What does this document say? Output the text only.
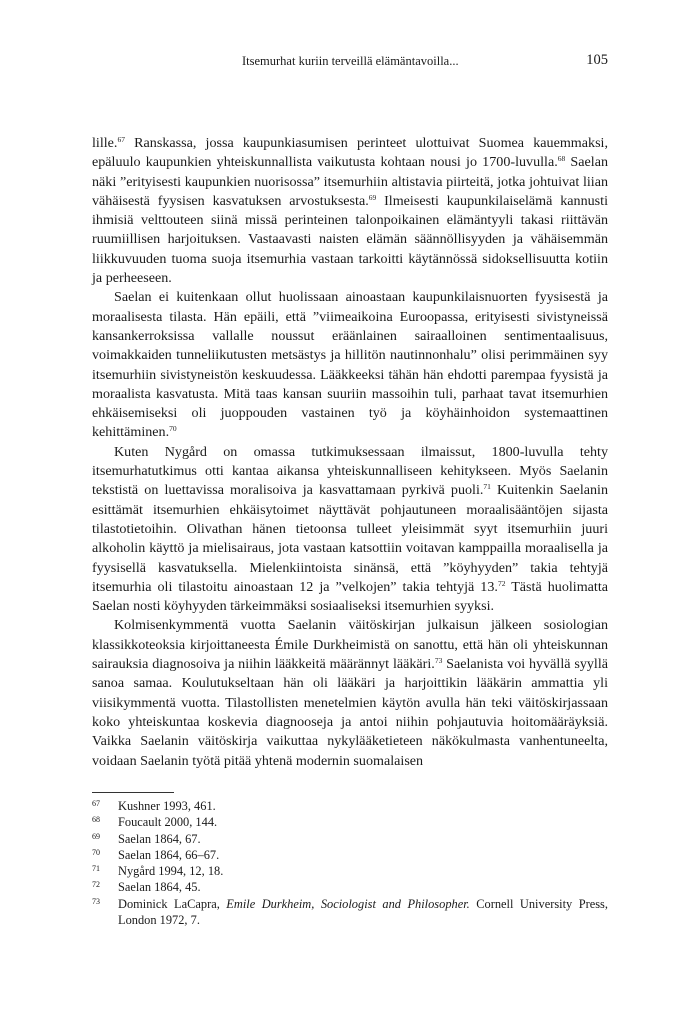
Itsemurhat kuriin terveillä elämäntavoilla...	105

lille.$^{67}$ Ranskassa, jossa kaupunkiasumisen perinteet ulottuivat Suomea kauemmaksi, epäluulo kaupunkien yhteiskunnallista vaikutusta kohtaan nousi jo 1700-luvulla.$^{68}$ Saelan näki ”erityisesti kaupunkien nuorisossa” itsemurhiin altistavia piirteitä, jotka johtuivat liian vähäisestä fyysisen kasvatuksen arvostuksesta.$^{69}$ Ilmeisesti kaupunkilaiselämä kannusti ihmisiä velttouteen siinä missä perinteinen talonpoikainen elämäntyyli takasi riittävän ruumiillisen harjoituksen. Vastaavasti naisten elämän säännöllisyyden ja vähäisemmän liikkuvuuden tuoma suoja itsemurhia vastaan tarkoitti käytännössä sidoksellisuutta kotiin ja perheeseen.

Saelan ei kuitenkaan ollut huolissaan ainoastaan kaupunkilaisnuorten fyysisestä ja moraalisesta tilasta. Hän epäili, että ”viimeaikoina Euroopassa, erityisesti sivistyneissä kansankerroksissa vallalle noussut eräänlainen sairaalloinen sentimentaalisuus, voimakkaiden tunneliikutusten metsästys ja hillitön nautinnonhalu” olisi perimmäinen syy itsemurhiin sivistyneistön keskuudessa. Lääkkeeksi tähän hän ehdotti parempaa fyysistä ja moraalista kasvatusta. Mitä taas kansan suuriin massoihin tuli, parhaat tavat itsemurhien ehkäisemiseksi oli juoppouden vastainen työ ja köyhäinhoidon systemaattinen kehittäminen.$^{70}$

Kuten Nygård on omassa tutkimuksessaan ilmaissut, 1800-luvulla tehty itsemurhatutkimus otti kantaa aikansa yhteiskunnalliseen kehitykseen. Myös Saelanin tekstistä on luettavissa moralisoiva ja kasvattamaan pyrkivä puoli.$^{71}$ Kuitenkin Saelanin esittämät itsemurhien ehkäisytoimet näyttävät pohjautuneen moraalisääntöjen sijasta tilastotietoihin. Olivathan hänen tietoonsa tulleet yleisimmät syyt itsemurhiin juuri alkoholin käyttö ja mielisairaus, jota vastaan katsottiin voitavan kamppailla moraalisella ja fyysisellä kasvatuksella. Mielenkiintoista sinänsä, että ”köyhyyden” takia tehtyjä itsemurhia oli tilastoitu ainoastaan 12 ja ”velkojen” takia tehtyjä 13.72 Tästä huolimatta Saelan nosti köyhyyden tärkeimmäksi sosiaaliseksi itsemurhien syyksi.

Kolmisenkymmentä vuotta Saelanin väitöskirjan julkaisun jälkeen sosiologian klassikkoteoksia kirjoittaneesta Émile Durkheimistä on sanottu, että hän oli yhteiskunnan sairauksia diagnosoiva ja niihin lääkkeitä määrännyt lääkäri.$^{73}$ Saelanista voi hyvällä syyllä sanoa samaa. Koulutukseltaan hän oli lääkäri ja harjoittikin lääkärin ammattia yli viisikymmentä vuotta. Tilastollisten menetelmien käytön avulla hän teki väitöskirjassaan koko yhteiskuntaa koskevia diagnooseja ja antoi niihin pohjautuvia hoitomääräyksiä. Vaikka Saelanin väitöskirja vaikuttaa nykylääketieteen näkökulmasta vanhentuneelta, voidaan Saelanin työtä pitää yhtenä modernin suomalaisen

67 Kushner 1993, 461.
68 Foucault 2000, 144.
69 Saelan 1864, 67.
70 Saelan 1864, 66–67.
71 Nygård 1994, 12, 18.
72 Saelan 1864, 45.
73 Dominick LaCapra, Emile Durkheim, Sociologist and Philosopher. Cornell University Press, London 1972, 7.
